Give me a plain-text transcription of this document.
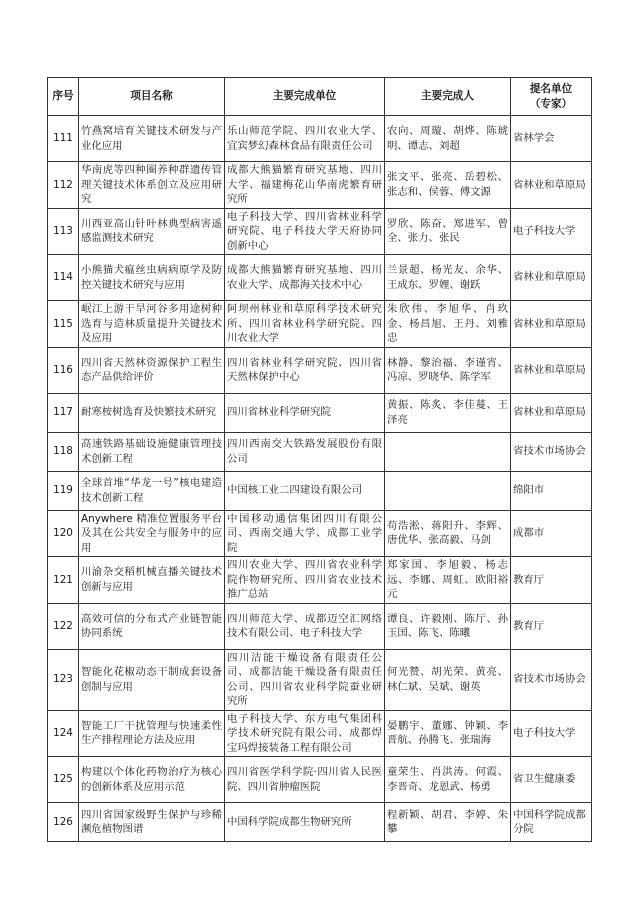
序号	项目名称	主要完成单位	主要完成人	提名单位
（专家）
111	竹燕窝培育关键技术研发与产业化应用	乐山师范学院、四川农业大学、宜宾梦幻森林食品有限责任公司	农向、周璇、胡烨、陈琥明、谭志、刘超	省林学会
112	华南虎等四种圈养种群遗传管理关键技术体系创立及应用研究	成都大熊猫繁育研究基地、四川大学、福建梅花山华南虎繁育研究所	张文平、张亮、岳碧松、张志和、侯蓉、傅文源	省林业和草原局
113	川西亚高山针叶林典型病害遥感监测技术研究	电子科技大学、四川省林业科学研究院、电子科技大学天府协同创新中心	罗欣、陈奋、郑进军、曾全、张力、张民	电子科技大学
114	小熊猫犬瘟丝虫病病原学及防控关键技术研究与应用	成都大熊猫繁育研究基地、四川农业大学、成都海关技术中心	兰景超、杨光友、余华、王成东、罗娌、谢跃	省林业和草原局
115	岷江上游干旱河谷多用途树种选育与造林质量提升关键技术及应用	阿坝州林业和草原科学技术研究所、四川省林业科学研究院、四川农业大学	朱欣伟、李旭华、肖玖金、杨昌旭、王丹、刘雅忠	省林业和草原局
116	四川省天然林资源保护工程生态产品供给评价	四川省林业科学研究院、四川省天然林保护中心	林静、黎治福、李谨宵、冯凉、罗晓华、陈学军	省林业和草原局
117	耐寒桉树选育及快繁技术研究	四川省林业科学研究院	黄振、陈炙、李佳蔓、王泽亮	省林业和草原局
118	高速铁路基础设施健康管理技术创新工程	四川西南交大铁路发展股份有限公司		省技术市场协会
119	全球首堆“华龙一号”核电建造技术创新工程	中国核工业二四建设有限公司		绵阳市
120	Anywhere 精准位置服务平台及其在公共安全与服务中的应用	中国移动通信集团四川有限公司、西南交通大学、成都工业学院	苟浩淞、蒋阳升、李辉、唐优华、张高毅、马剑	成都市
121	川渝杂交稻机械直播关键技术创新与应用	四川农业大学、四川省农业科学院作物研究所、四川省农业技术推广总站	郑家国、李旭毅、杨志远、李娜、周虹、欧阳裕元	教育厅
122	高效可信的分布式产业链智能协同系统	四川师范大学、成都迈空汇网络技术有限公司、电子科技大学	谭良、许毅刚、陈厅、孙玉国、陈飞、陈曦	教育厅
123	智能化花椒动态干制成套设备创制与应用	四川洁能干燥设备有限责任公司、成都洁能干燥设备有限责任公司、四川省农业科学院蚕业研究所	何光赞、胡光荣、黄亮、林仁斌、吴斌、谢英	省技术市场协会
124	智能工厂干扰管理与快速柔性生产排程理论方法及应用	电子科技大学、东方电气集团科学技术研究院有限公司、成都焊宝玛焊接装备工程有限公司	晏鹏宇、董娜、钟颖、李晋航、孙腾飞、张瑞海	电子科技大学
125	构建以个体化药物治疗为核心的创新体系及应用示范	四川省医学科学院·四川省人民医院、四川省肿瘤医院	童荣生、肖洪涛、何霞、李晋奇、龙恩武、杨勇	省卫生健康委
126	四川省国家级野生保护与珍稀濒危植物图谱	中国科学院成都生物研究所	程新颖、胡君、李婷、朱攀	中国科学院成都分院
